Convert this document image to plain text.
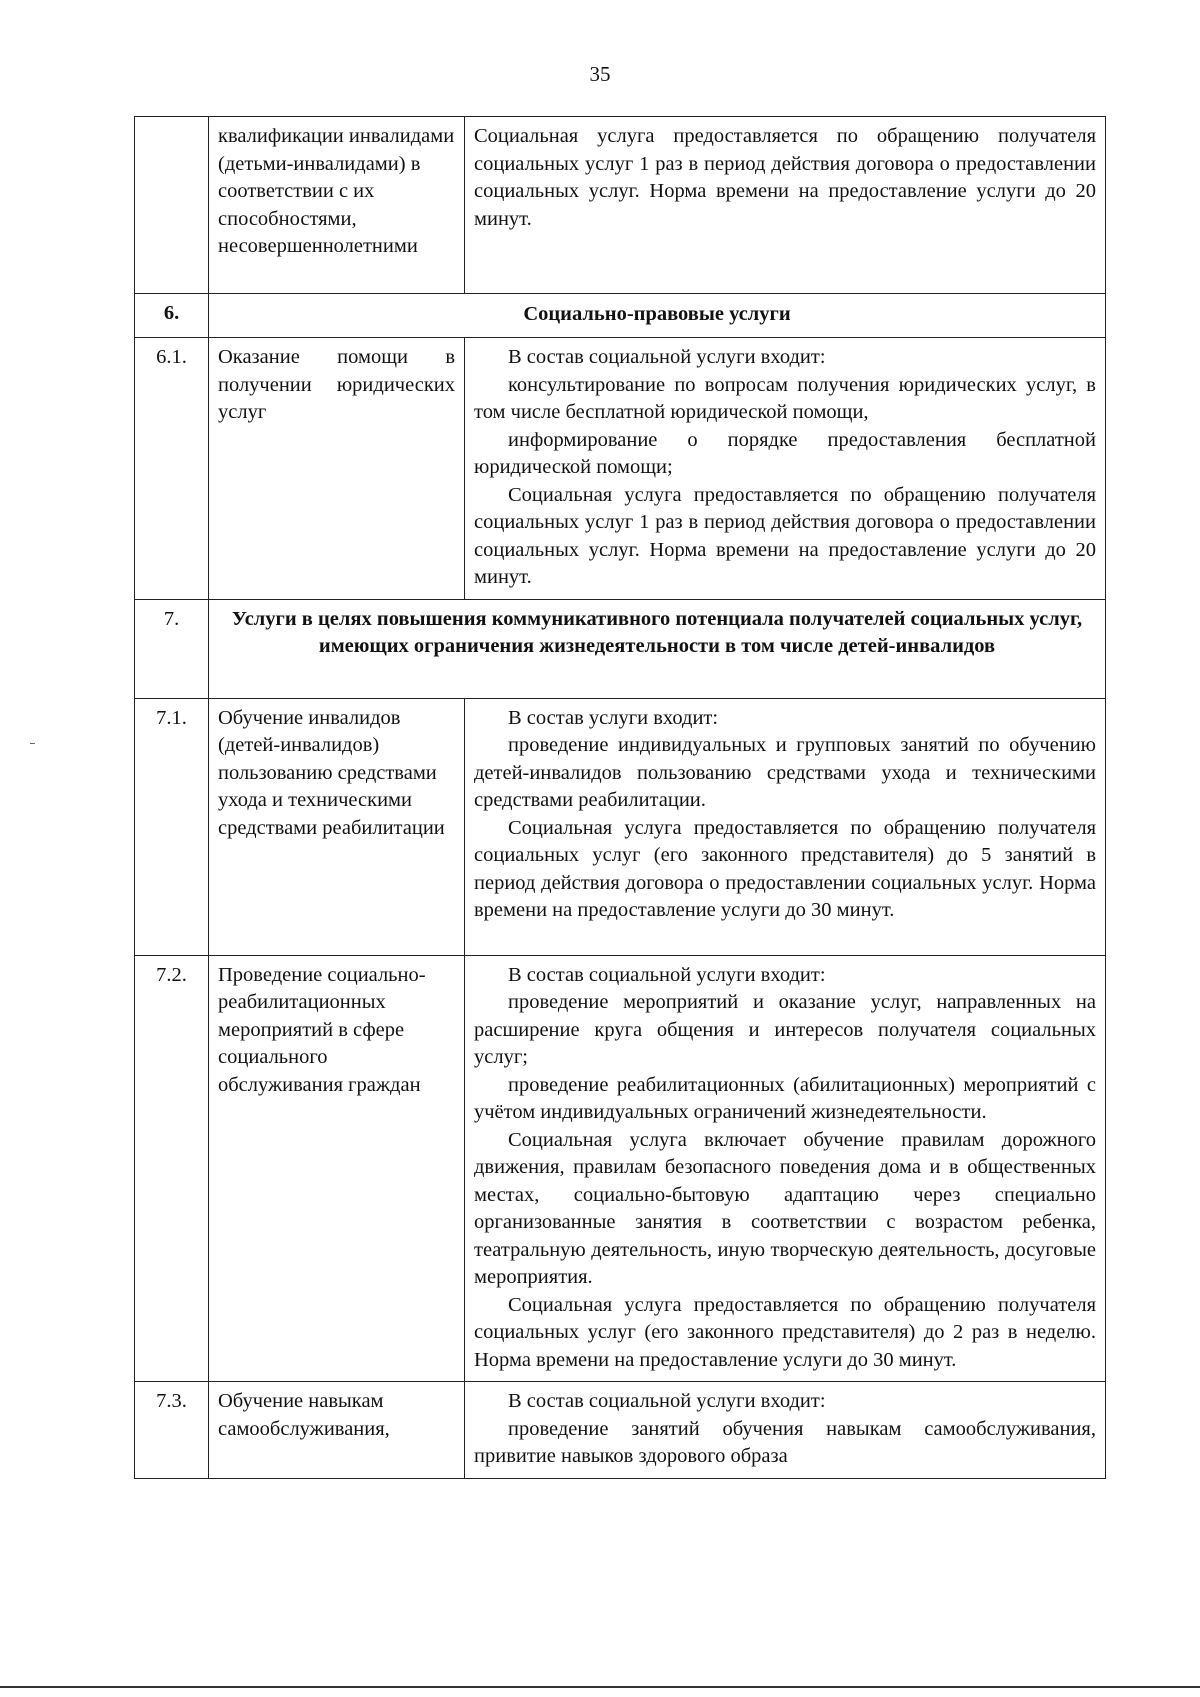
35
	квалификации инвалидами (детьми-инвалидами) в соответствии с их способностями, несовершеннолетними	Социальная услуга предоставляется по обращению получателя социальных услуг 1 раз в период действия договора о предоставлении социальных услуг. Норма времени на предоставление услуги до 20 минут.

6.	Социально-правовые услуги	
6.1.	Оказание помощи в получении юридических услуг	В состав социальной услуги входит:

консультирование по вопросам получения юридических услуг, в том числе бесплатной юридической помощи,

информирование о порядке предоставления бесплатной юридической помощи;

Социальная услуга предоставляется по обращению получателя социальных услуг 1 раз в период действия договора о предоставлении социальных услуг. Норма времени на предоставление услуги до 20 минут.

7.	Услуги в целях повышения коммуникативного потенциала получателей социальных услуг, имеющих ограничения жизнедеятельности в том числе детей-инвалидов	
7.1.	Обучение инвалидов (детей-инвалидов) пользованию средствами ухода и техническими средствами реабилитации	В состав услуги входит:

проведение индивидуальных и групповых занятий по обучению детей-инвалидов пользованию средствами ухода и техническими средствами реабилитации.

Социальная услуга предоставляется по обращению получателя социальных услуг (его законного представителя) до 5 занятий в период действия договора о предоставлении социальных услуг. Норма времени на предоставление услуги до 30 минут.

7.2.	Проведение социально-реабилитационных мероприятий в сфере социального обслуживания граждан	В состав социальной услуги входит:

проведение мероприятий и оказание услуг, направленных на расширение круга общения и интересов получателя социальных услуг;

проведение реабилитационных (абилитационных) мероприятий с учётом индивидуальных ограничений жизнедеятельности.

Социальная услуга включает обучение правилам дорожного движения, правилам безопасного поведения дома и в общественных местах, социально-бытовую адаптацию через специально организованные занятия в соответствии с возрастом ребенка, театральную деятельность, иную творческую деятельность, досуговые мероприятия.

Социальная услуга предоставляется по обращению получателя социальных услуг (его законного представителя) до 2 раз в неделю. Норма времени на предоставление услуги до 30 минут.

7.3.	Обучение навыкам самообслуживания,	В состав социальной услуги входит:

проведение занятий обучения навыкам самообслуживания, привитие навыков здорового образа
